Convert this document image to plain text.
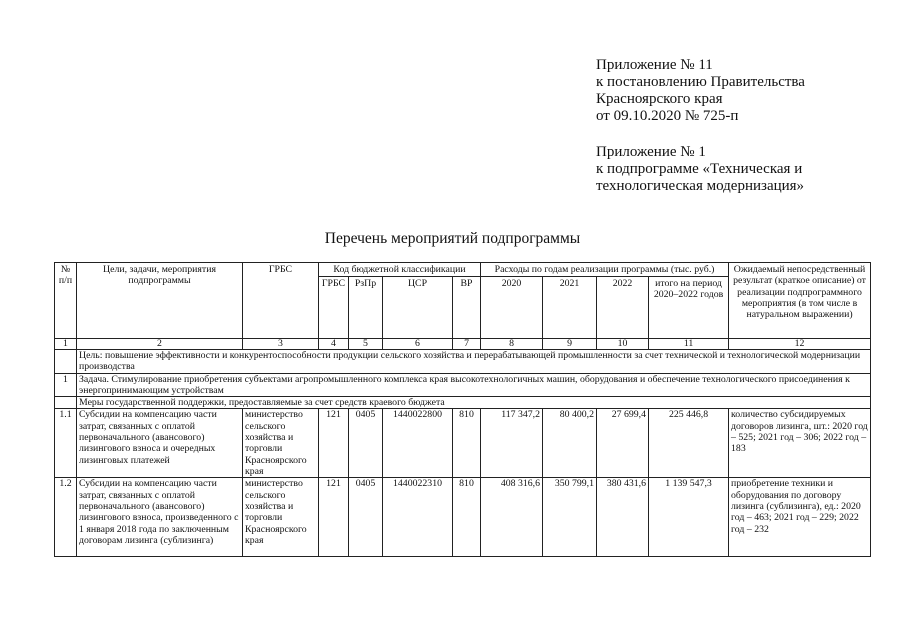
Приложение № 11
к постановлению Правительства
Красноярского края
от 09.10.2020 № 725-п
Приложение № 1
к подпрограмме «Техническая и
технологическая модернизация»
Перечень мероприятий подпрограммы
№ п/п	Цели, задачи, мероприятия подпрограммы	ГРБС	Код бюджетной классификации				Расходы по годам реализации программы (тыс. руб.)				Ожидаемый непосредственный результат (краткое описание) от реализации подпрограммного мероприятия (в том числе в натуральном выражении)
			ГРБС	РзПр	ЦСР	ВР	2020	2021	2022	итого на период 2020–2022 годов	
1	2	3	4	5	6	7	8	9	10	11	12
	Цель: повышение эффективности и конкурентоспособности продукции сельского хозяйства и перерабатывающей промышленности за счет технической и технологической модернизации производства										
1	Задача. Стимулирование приобретения субъектами агропромышленного комплекса края высокотехнологичных машин, оборудования и обеспечение технологического присоединения к энергопринимающим устройствам										
	Меры государственной поддержки, предоставляемые за счет средств краевого бюджета										
1.1	Субсидии на компенсацию части затрат, связанных с оплатой первоначального (авансового) лизингового взноса и очередных лизинговых платежей	министерство сельского хозяйства и торговли Красноярского края	121	0405	1440022800	810	117 347,2	80 400,2	27 699,4	225 446,8	количество субсидируемых договоров лизинга, шт.: 2020 год – 525; 2021 год – 306; 2022 год – 183
1.2	Субсидии на компенсацию части затрат, связанных с оплатой первоначального (авансового) лизингового взноса, произведенного с 1 января 2018 года по заключенным договорам лизинга (сублизинга)	министерство сельского хозяйства и торговли Красноярского края	121	0405	1440022310	810	408 316,6	350 799,1	380 431,6	1 139 547,3	приобретение техники и оборудования по договору лизинга (сублизинга), ед.: 2020 год – 463; 2021 год – 229; 2022 год – 232
